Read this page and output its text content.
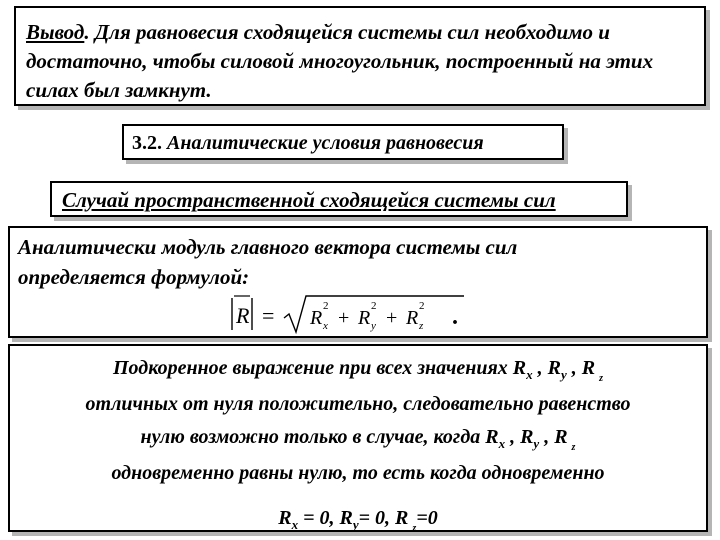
Вывод. Для равновесия сходящейся системы сил необходимо и достаточно, чтобы силовой многоугольник, построенный на этих силах был замкнут.
3.2. Аналитические условия равновесия
Случай пространственной сходящейся системы сил
Аналитически модуль главного вектора системы сил
определяется формулой:
R = R
2
x + R
2
y + R
2
z .
Подкоренное выражение при всех значениях $R_x$ , $R_y$ , R $_z$
отличных от нуля положительно, следовательно равенство
нулю возможно только в случае, когда $R_x$ , $R_y$ , R $_z$
одновременно равны нулю, то есть когда одновременно
$R_x = 0$, $R_y= 0$, R $_z$=0
